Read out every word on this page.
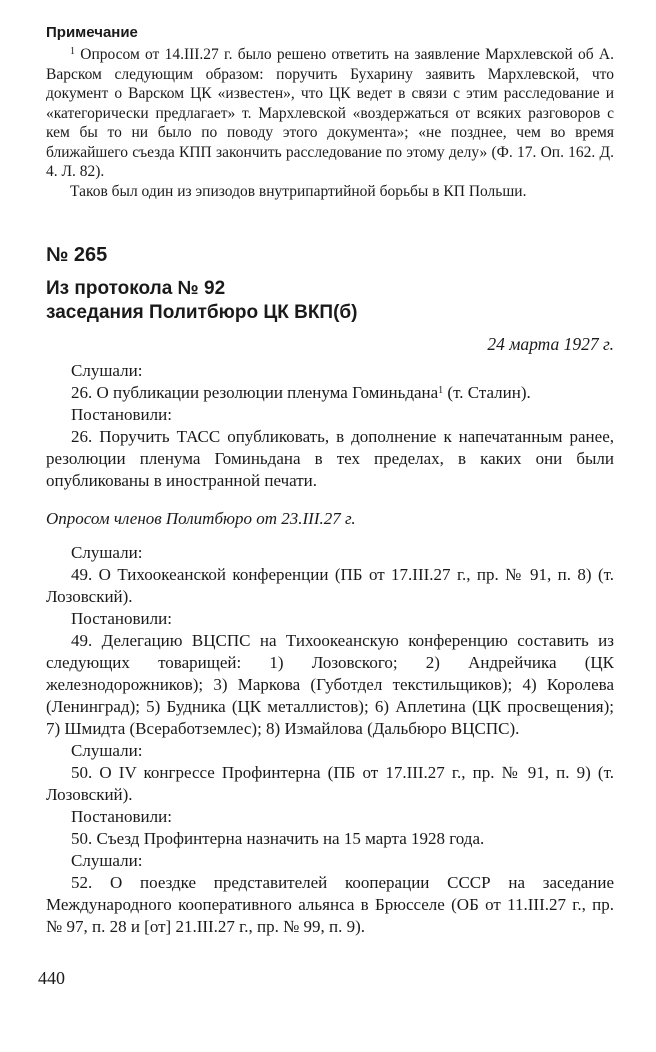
Примечание

$^1$ Опросом от 14.III.27 г. было решено ответить на заявление Мархлевской об А. Варском следующим образом: поручить Бухарину заявить Мархлевской, что документ о Варском ЦК «известен», что ЦК ведет в связи с этим расследование и «категорически предлагает» т. Мархлевской «воздержаться от всяких разговоров с кем бы то ни было по поводу этого документа»; «не позднее, чем во время ближайшего съезда КПП закончить расследование по этому делу» (Ф. 17. Оп. 162. Д. 4. Л. 82).

Таков был один из эпизодов внутрипартийной борьбы в КП Польши.

№ 265
Из протокола № 92
заседания Политбюро ЦК ВКП(б)
24 марта 1927 г.
Слушали:

26. О публикации резолюции пленума Гоминьдана$^1$ (т. Сталин).

Постановили:

26. Поручить ТАСС опубликовать, в дополнение к напечатанным ранее, резолюции пленума Гоминьдана в тех пределах, в каких они были опубликованы в иностранной печати.

Опросом членов Политбюро от 23.III.27 г.
Слушали:

49. О Тихоокеанской конференции (ПБ от 17.III.27 г., пр. № 91, п. 8) (т. Лозовский).

Постановили:

49. Делегацию ВЦСПС на Тихоокеанскую конференцию составить из следующих товарищей: 1) Лозовского; 2) Андрейчика (ЦК железнодорожников); 3) Маркова (Губотдел текстильщиков); 4) Королева (Ленинград); 5) Будника (ЦК металлистов); 6) Аплетина (ЦК просвещения); 7) Шмидта (Всеработземлес); 8) Измайлова (Дальбюро ВЦСПС).

Слушали:

50. О IV конгрессе Профинтерна (ПБ от 17.III.27 г., пр. № 91, п. 9) (т. Лозовский).

Постановили:

50. Съезд Профинтерна назначить на 15 марта 1928 года.

Слушали:

52. О поездке представителей кооперации СССР на заседание Международного кооперативного альянса в Брюсселе (ОБ от 11.III.27 г., пр. № 97, п. 28 и [от] 21.III.27 г., пр. № 99, п. 9).

440
